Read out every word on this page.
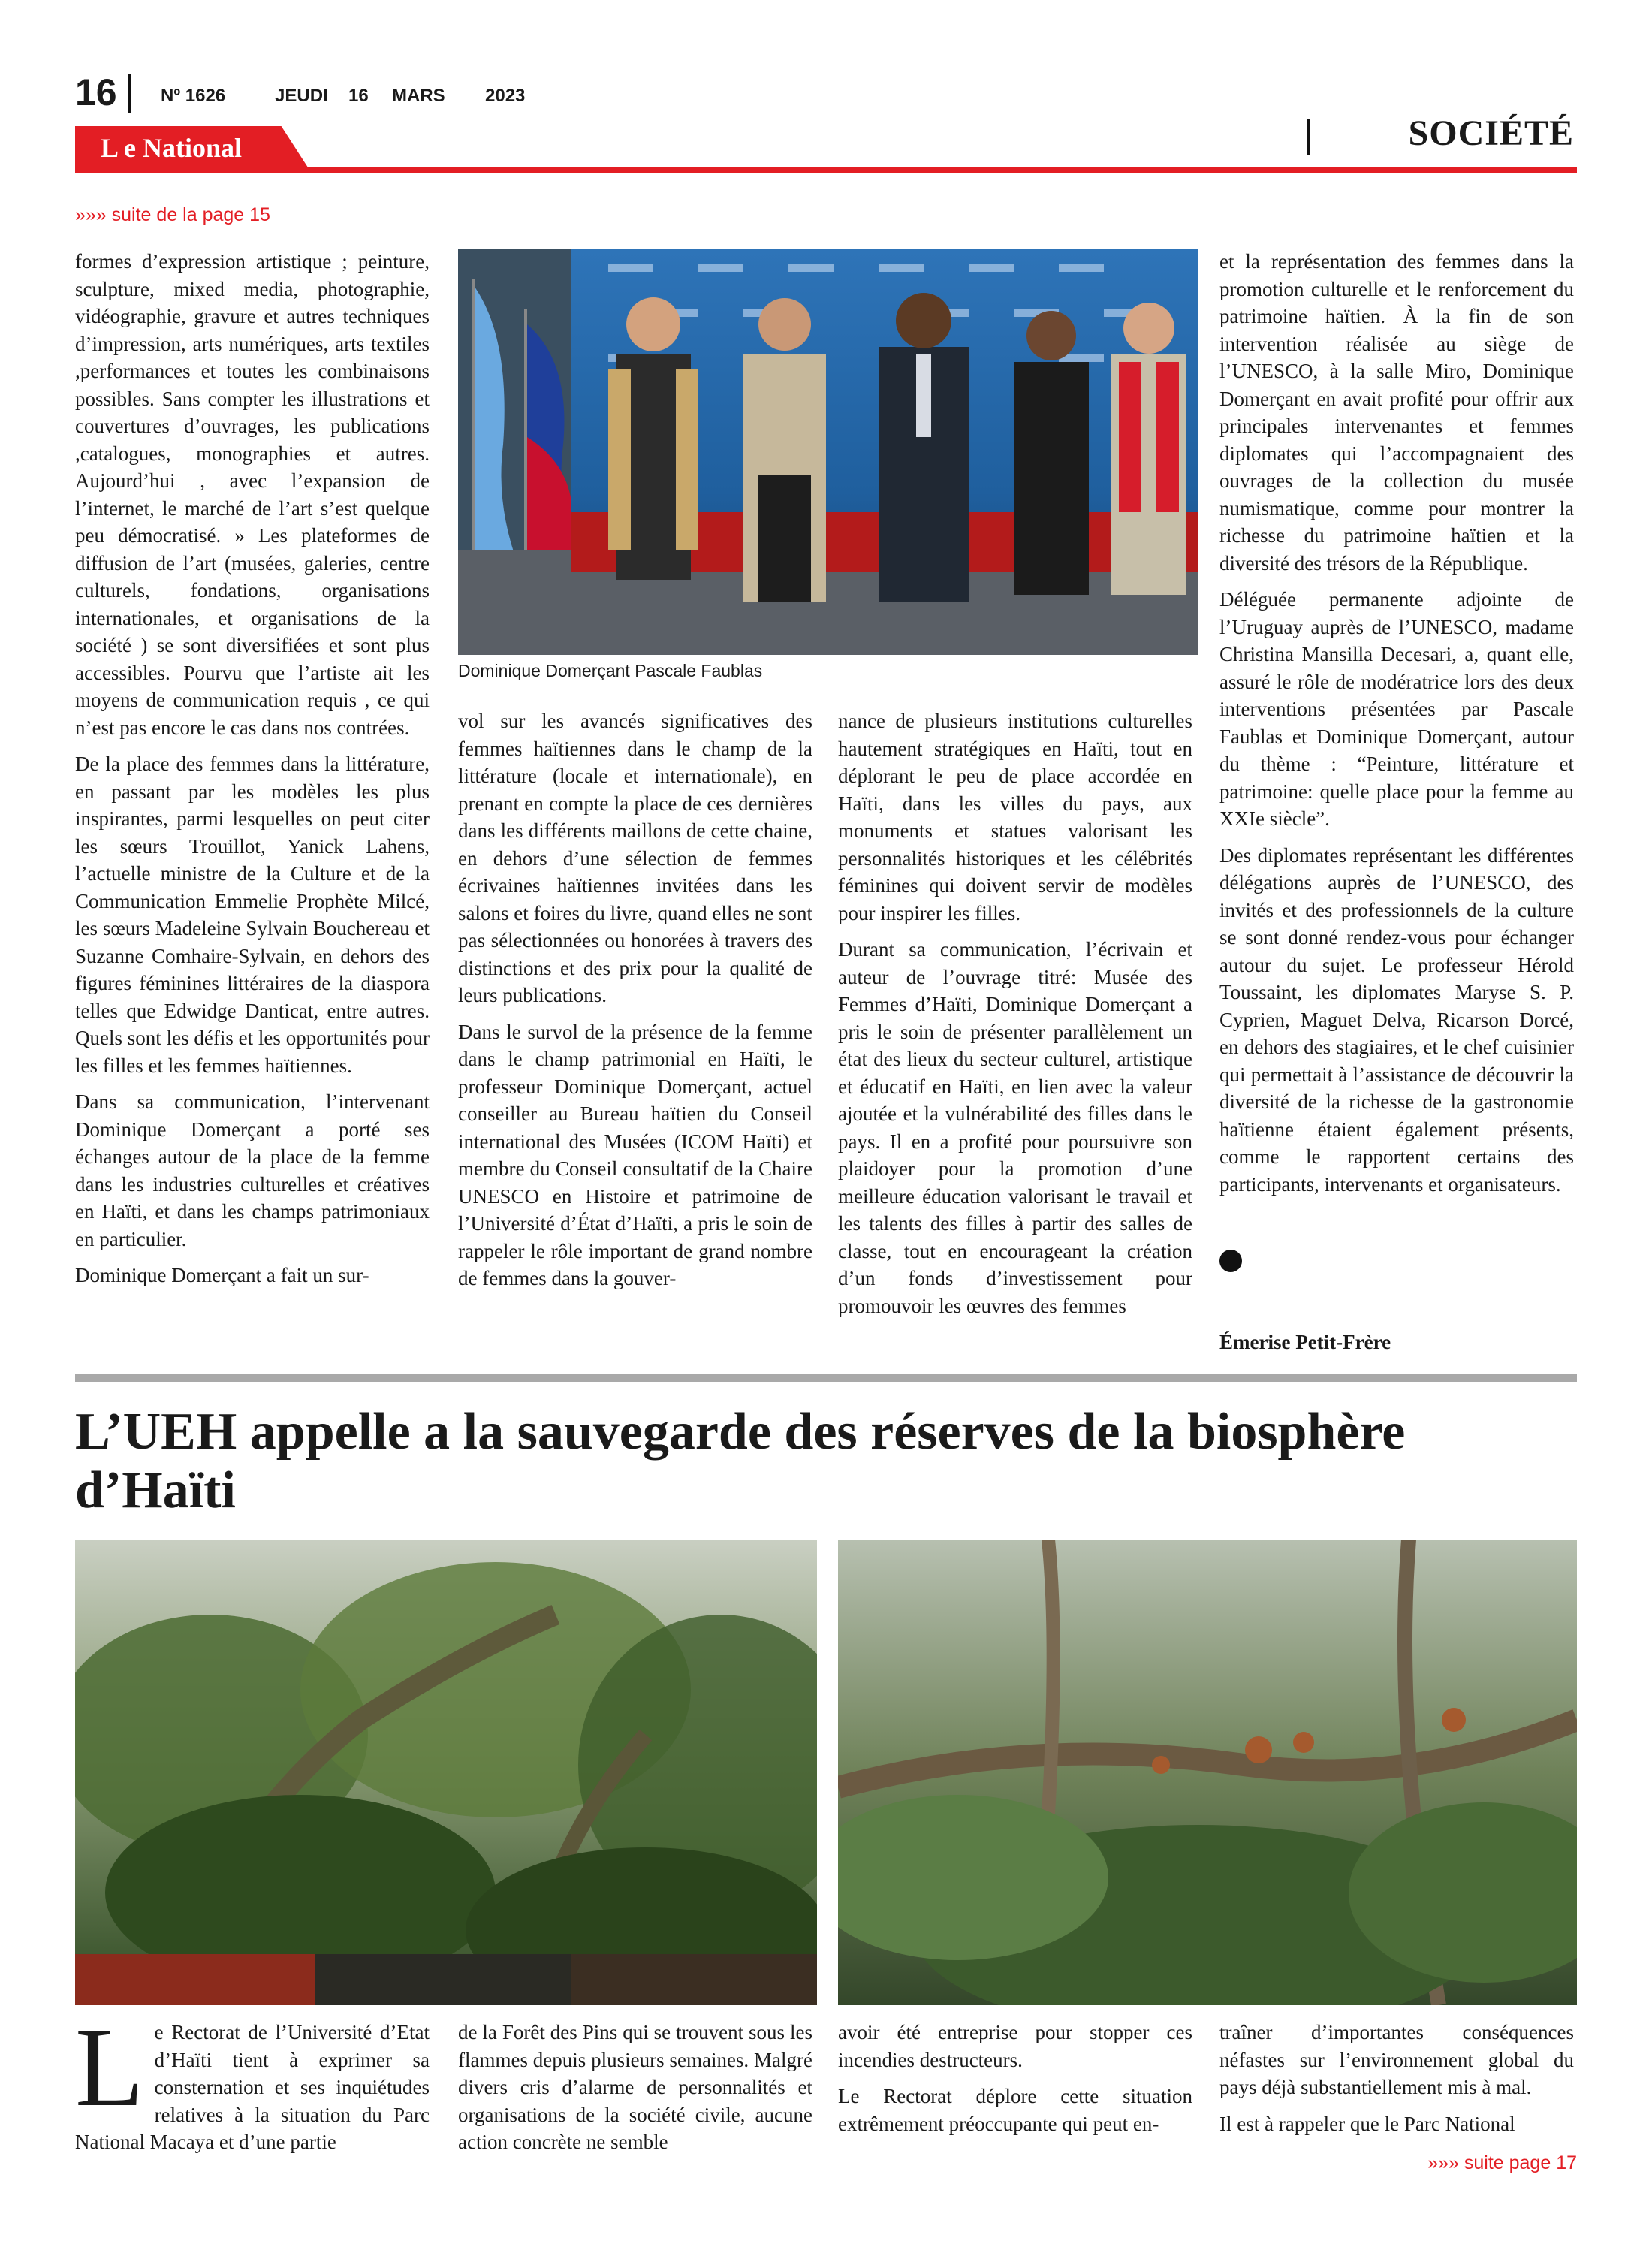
16 Nº 1626	JEUDI 16 MARS 2023
SOCIÉTÉ
L e National
»»» suite de la page 15

formes d’expression artistique ; peinture, sculpture, mixed media, photographie, vidéographie, gravure et autres techniques d’impression, arts numériques, arts textiles ,performances et toutes les combinaisons possibles. Sans compter les illustrations et couvertures d’ouvrages, les publications ,catalogues, monographies et autres. Aujourd’hui , avec l’expansion de l’internet, le marché de l’art s’est quelque peu démocratisé. » Les plateformes de diffusion de l’art (musées, galeries, centre culturels, fondations, organisations internationales, et organisations de la société ) se sont diversifiées et sont plus accessibles. Pourvu que l’artiste ait les moyens de communication requis , ce qui n’est pas encore le cas dans nos contrées.

De la place des femmes dans la littérature, en passant par les modèles les plus inspirantes, parmi lesquelles on peut citer les sœurs Trouillot, Yanick Lahens, l’actuelle ministre de la Culture et de la Communication Emmelie Prophète Milcé, les sœurs Madeleine Sylvain Bouchereau et Suzanne Comhaire-Sylvain, en dehors des figures féminines littéraires de la diaspora telles que Edwidge Danticat, entre autres. Quels sont les défis et les opportunités pour les filles et les femmes haïtiennes.

Dans sa communication, l’intervenant Dominique Domerçant a porté ses échanges autour de la place de la femme dans les industries culturelles et créatives en Haïti, et dans les champs patrimoniaux en particulier.

Dominique Domerçant a fait un sur-

Dominique Domerçant Pascale Faublas

vol sur les avancés significatives des femmes haïtiennes dans le champ de la littérature (locale et internationale), en prenant en compte la place de ces dernières dans les différents maillons de cette chaine, en dehors d’une sélection de femmes écrivaines haïtiennes invitées dans les salons et foires du livre, quand elles ne sont pas sélectionnées ou honorées à travers des distinctions et des prix pour la qualité de leurs publications.

Dans le survol de la présence de la femme dans le champ patrimonial en Haïti, le professeur Dominique Domerçant, actuel conseiller au Bureau haïtien du Conseil international des Musées (ICOM Haïti) et membre du Conseil consultatif de la Chaire UNESCO en Histoire et patrimoine de l’Université d’État d’Haïti, a pris le soin de rappeler le rôle important de grand nombre de femmes dans la gouver-

nance de plusieurs institutions culturelles hautement stratégiques en Haïti, tout en déplorant le peu de place accordée en Haïti, dans les villes du pays, aux monuments et statues valorisant les personnalités historiques et les célébrités féminines qui doivent servir de modèles pour inspirer les filles.

Durant sa communication, l’écrivain et auteur de l’ouvrage titré: Musée des Femmes d’Haïti, Dominique Domerçant a pris le soin de présenter parallèlement un état des lieux du secteur culturel, artistique et éducatif en Haïti, en lien avec la valeur ajoutée et la vulnérabilité des filles dans le pays. Il en a profité pour poursuivre son plaidoyer pour la promotion d’une meilleure éducation valorisant le travail et les talents des filles à partir des salles de classe, tout en encourageant la création d’un fonds d’investissement pour promouvoir les œuvres des femmes

et la représentation des femmes dans la promotion culturelle et le renforcement du patrimoine haïtien. À la fin de son intervention réalisée au siège de l’UNESCO, à la salle Miro, Dominique Domerçant en avait profité pour offrir aux principales intervenantes et femmes diplomates qui l’accompagnaient des ouvrages de la collection du musée numismatique, comme pour montrer la richesse du patrimoine haïtien et la diversité des trésors de la République.

Déléguée permanente adjointe de l’Uruguay auprès de l’UNESCO, madame Christina Mansilla Decesari, a, quant elle, assuré le rôle de modératrice lors des deux interventions présentées par Pascale Faublas et Dominique Domerçant, autour du thème : “Peinture, littérature et patrimoine: quelle place pour la femme au XXIe siècle”.

Des diplomates représentant les différentes délégations auprès de l’UNESCO, des invités et des professionnels de la culture se sont donné rendez-vous pour échanger autour du sujet. Le professeur Hérold Toussaint, les diplomates Maryse S. P. Cyprien, Maguet Delva, Ricarson Dorcé, en dehors des stagiaires, et le chef cuisinier qui permettait à l’assistance de découvrir la diversité de la richesse de la gastronomie haïtienne étaient également présents, comme le rapportent certains des participants, intervenants et organisateurs.

Émerise Petit-Frère
L’UEH appelle a la sauvegarde des réserves de la biosphère d’Haïti

Le Rectorat de l’Université d’Etat d’Haïti tient à exprimer sa consternation et ses inquiétudes relatives à la situation du Parc National Macaya et d’une partie

de la Forêt des Pins qui se trouvent sous les flammes depuis plusieurs semaines. Malgré divers cris d’alarme de personnalités et organisations de la société civile, aucune action concrète ne semble

avoir été entreprise pour stopper ces incendies destructeurs.

Le Rectorat déplore cette situation extrêmement préoccupante qui peut en-

traîner d’importantes conséquences néfastes sur l’environnement global du pays déjà substantiellement mis à mal.

Il est à rappeler que le Parc National

»»» suite page 17
